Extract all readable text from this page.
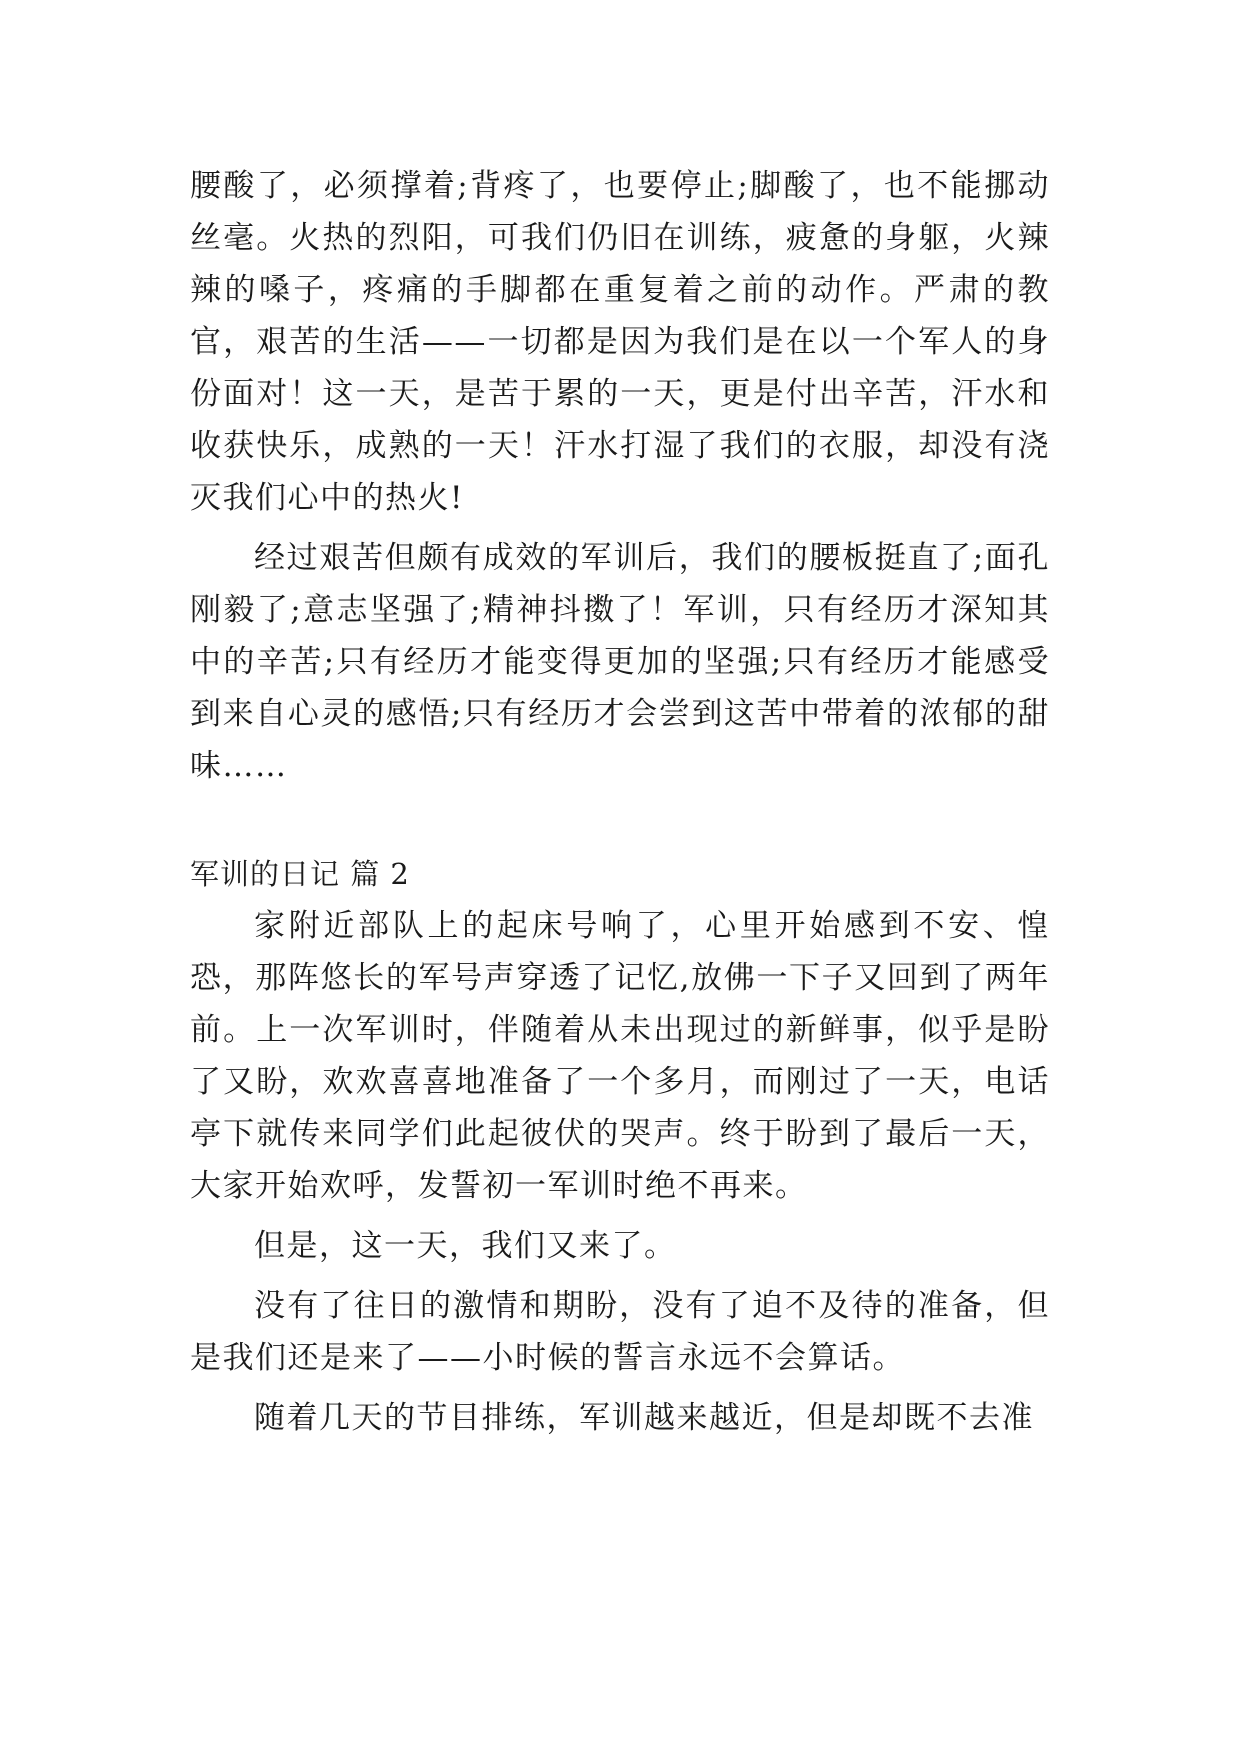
腰酸了，必须撑着;背疼了，也要停止;脚酸了，也不能挪动丝毫。火热的烈阳，可我们仍旧在训练，疲惫的身躯，火辣辣的嗓子，疼痛的手脚都在重复着之前的动作。严肃的教官，艰苦的生活——一切都是因为我们是在以一个军人的身份面对！这一天，是苦于累的一天，更是付出辛苦，汗水和收获快乐，成熟的一天！汗水打湿了我们的衣服，却没有浇灭我们心中的热火!

经过艰苦但颇有成效的军训后，我们的腰板挺直了;面孔刚毅了;意志坚强了;精神抖擞了！军训，只有经历才深知其中的辛苦;只有经历才能变得更加的坚强;只有经历才能感受到来自心灵的感悟;只有经历才会尝到这苦中带着的浓郁的甜味……

军训的日记 篇 2

家附近部队上的起床号响了，心里开始感到不安、惶恐，那阵悠长的军号声穿透了记忆,放佛一下子又回到了两年前。上一次军训时，伴随着从未出现过的新鲜事，似乎是盼了又盼，欢欢喜喜地准备了一个多月，而刚过了一天，电话亭下就传来同学们此起彼伏的哭声。终于盼到了最后一天，大家开始欢呼，发誓初一军训时绝不再来。

但是，这一天，我们又来了。

没有了往日的激情和期盼，没有了迫不及待的准备，但是我们还是来了——小时候的誓言永远不会算话。

随着几天的节目排练，军训越来越近，但是却既不去准
